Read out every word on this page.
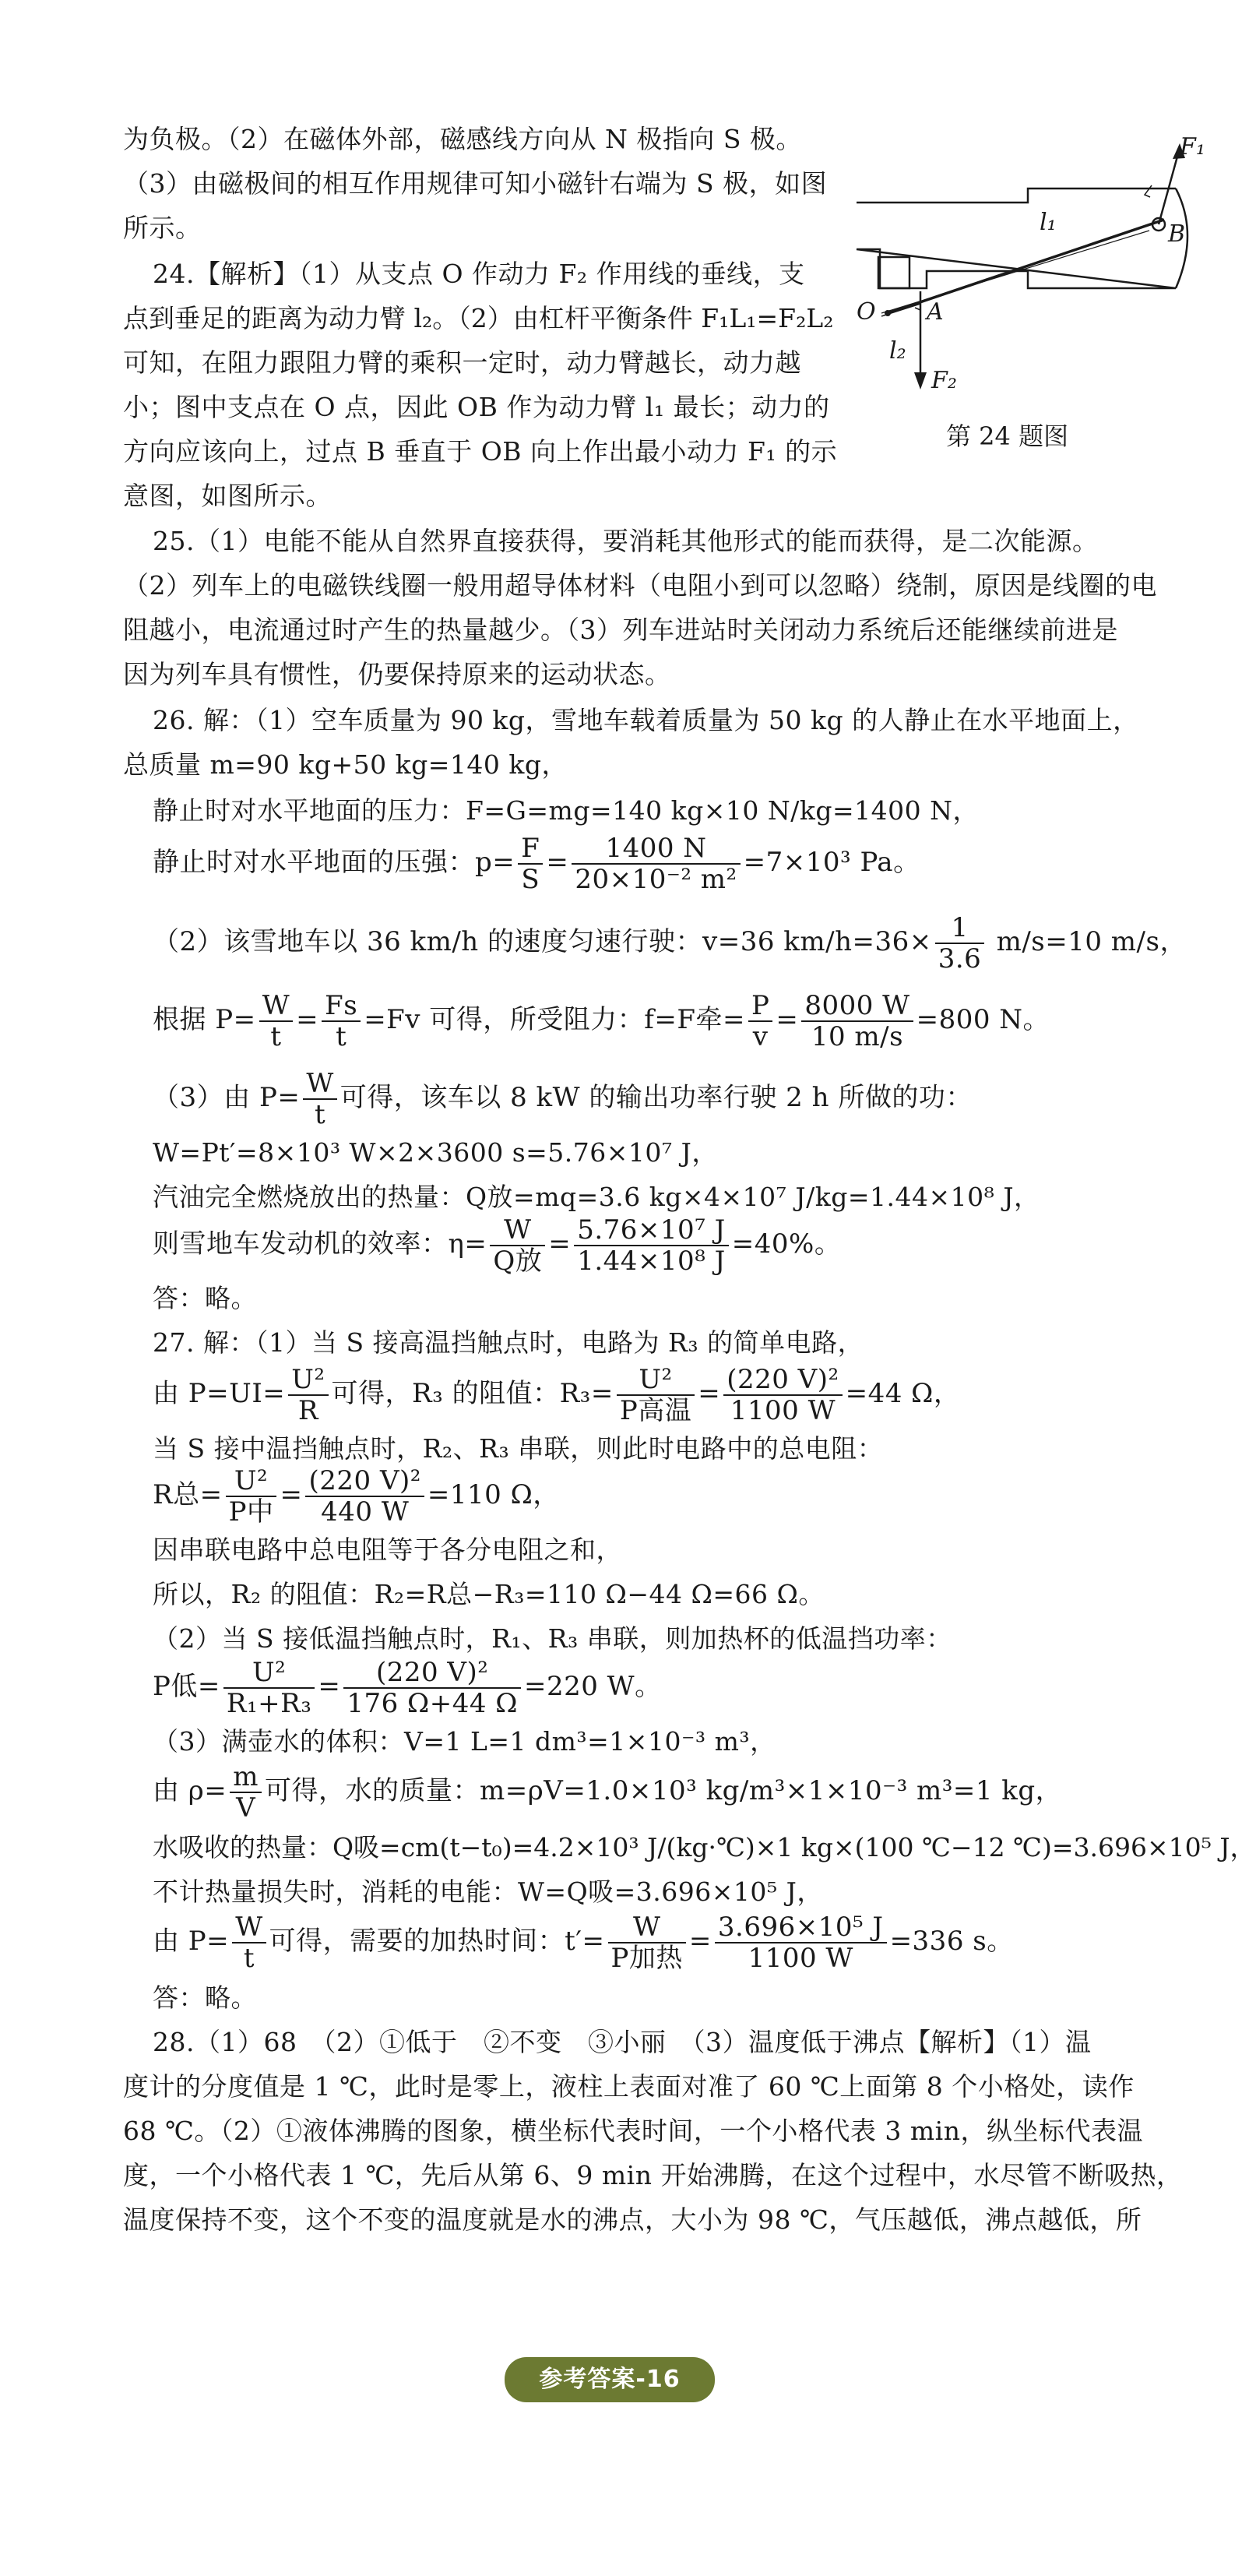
为负极。（2）在磁体外部，磁感线方向从 N 极指向 S 极。
（3）由磁极间的相互作用规律可知小磁针右端为 S 极，如图
所示。
24.【解析】（1）从支点 O 作动力 F₂ 作用线的垂线，支
点到垂足的距离为动力臂 l₂。（2）由杠杆平衡条件 F₁L₁=F₂L₂
可知，在阻力跟阻力臂的乘积一定时，动力臂越长，动力越
小；图中支点在 O 点，因此 OB 作为动力臂 l₁ 最长；动力的
方向应该向上，过点 B 垂直于 OB 向上作出最小动力 F₁ 的示
意图，如图所示。
F₁
B
l₁
O A
l₂
F₂
第 24 题图
25.（1）电能不能从自然界直接获得，要消耗其他形式的能而获得，是二次能源。
（2）列车上的电磁铁线圈一般用超导体材料（电阻小到可以忽略）绕制，原因是线圈的电
阻越小，电流通过时产生的热量越少。（3）列车进站时关闭动力系统后还能继续前进是
因为列车具有惯性，仍要保持原来的运动状态。
26. 解：（1）空车质量为 90 kg，雪地车载着质量为 50 kg 的人静止在水平地面上，
总质量 m=90 kg+50 kg=140 kg，
静止时对水平地面的压力：F=G=mg=140 kg×10 N/kg=1400 N，
静止时对水平地面的压强：$p= \frac{F}{S} = \frac{1400 N}{\text{20×10⁻² m²}} =7\times 10^3$ Pa。
（2）该雪地车以 36 km/h 的速度匀速行驶：v=36 $km/h=36\times \frac{1}{3.6} m/s=10$ m/s，
根据 $P= \frac{W}{t} = \frac{Fs}{t} =Fv$ 可得，所受阻力：f=F牵= $\frac{P}{v} = \frac{8000 W}{10 m/s} =800$ N。
（3）由 $P= \frac{W}{t}$ 可得，该车以 8 kW 的输出功率行驶 2 h 所做的功：
W=Pt′=8×10³ W×2×3600 s=5.76×10⁷ J，
汽油完全燃烧放出的热量：Q放=mq=3.6 kg×4×10⁷ J/kg=1.44×10⁸ J，
则雪地车发动机的效率：η= W
Q放
= $\frac{\text{5.76×10⁷ J}}{\text{1.44×10⁸ J}} =40\%$。
答：略。
27. 解：（1）当 S 接高温挡触点时，电路为 R₃ 的简单电路，
由 $P=UI= \frac{\text{U²}}{R}$ 可得，R₃ 的阻值：R₃= U²
P高温
= $\frac{\text{(220 V)²}}{1100 W} =44$ Ω，
当 S 接中温挡触点时，R₂、R₃ 串联，则此时电路中的总电阻：
R总= U²
P中
= $\frac{\text{(220 V)²}}{440 W} =110$ Ω，
因串联电路中总电阻等于各分电阻之和，
所以，R₂ 的阻值：R₂=R总−R₃=110 Ω−44 Ω=66 Ω。
（2）当 S 接低温挡触点时，R₁、R₃ 串联，则加热杯的低温挡功率：
P低= $\frac{\text{U²}}{\text{R₁+R₃}} = \frac{\text{(220 V)²}}{176 \Omega+44 \Omega} =220$ W。
（3）满壶水的体积：V=1 L=1 dm³=1×10⁻³ m³，
由 $\rho= \frac{m}{V}$ 可得，水的质量：m=ρV=1.0×10³ kg/m³×1×10⁻³ m³=1 kg，
水吸收的热量：Q吸=cm(t−t₀)=4.2×10³ J/(kg·℃)×1 kg×(100 ℃−12 ℃)=3.696×10⁵ J，
不计热量损失时，消耗的电能：W=Q吸=3.696×10⁵ J，
由 $P= \frac{W}{t}$ 可得，需要的加热时间：t′=	W
P加热
= $\frac{\text{3.696×10⁵ J}}{1100 W} =336$ s。
答：略。
28.（1）68　（2）①低于　②不变　③小丽　（3）温度低于沸点【解析】（1）温
度计的分度值是 1 ℃，此时是零上，液柱上表面对准了 60 ℃上面第 8 个小格处，读作
68 ℃。（2）①液体沸腾的图象，横坐标代表时间，一个小格代表 3 min，纵坐标代表温
度，一个小格代表 1 ℃，先后从第 6、9 min 开始沸腾，在这个过程中，水尽管不断吸热，
温度保持不变，这个不变的温度就是水的沸点，大小为 98 ℃，气压越低，沸点越低，所
参考答案-16
